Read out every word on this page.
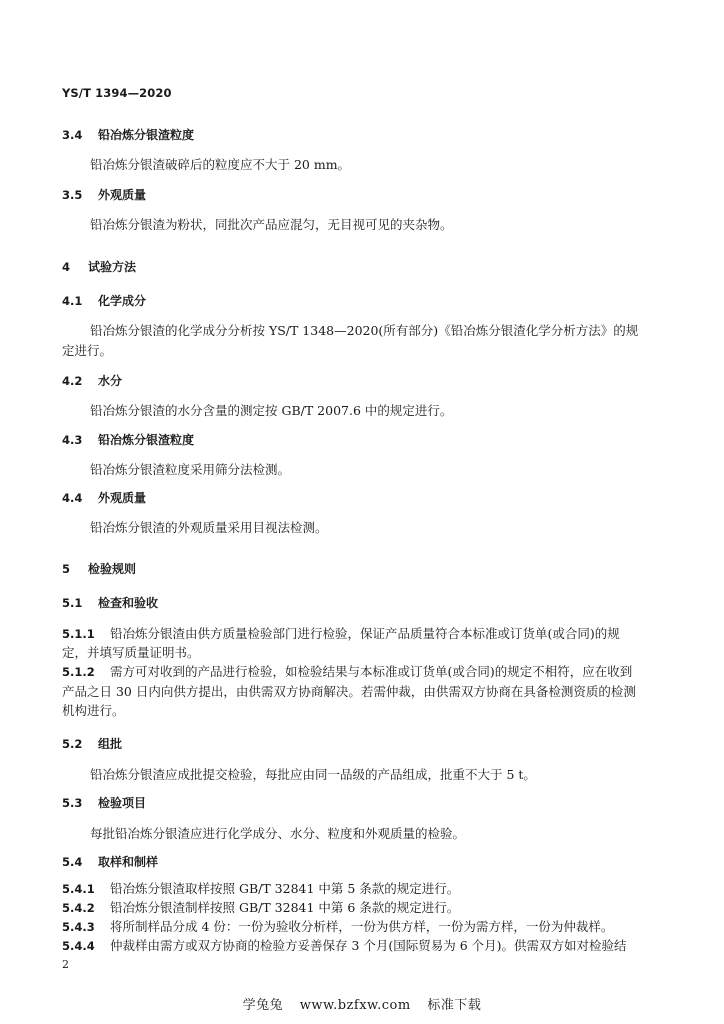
YS/T 1394—2020
3.4 铅冶炼分银渣粒度
铅冶炼分银渣破碎后的粒度应不大于 20 mm。
3.5 外观质量
铅冶炼分银渣为粉状，同批次产品应混匀，无目视可见的夹杂物。
4 试验方法
4.1 化学成分
铅冶炼分银渣的化学成分分析按 YS/T 1348—2020(所有部分)《铅冶炼分银渣化学分析方法》的规
定进行。
4.2 水分
铅冶炼分银渣的水分含量的测定按 GB/T 2007.6 中的规定进行。
4.3 铅冶炼分银渣粒度
铅冶炼分银渣粒度采用筛分法检测。
4.4 外观质量
铅冶炼分银渣的外观质量采用目视法检测。
5 检验规则
5.1 检查和验收
5.1.1 铅冶炼分银渣由供方质量检验部门进行检验，保证产品质量符合本标准或订货单(或合同)的规
定，并填写质量证明书。
5.1.2 需方可对收到的产品进行检验，如检验结果与本标准或订货单(或合同)的规定不相符，应在收到
产品之日 30 日内向供方提出，由供需双方协商解决。若需仲裁，由供需双方协商在具备检测资质的检测
机构进行。
5.2 组批
铅冶炼分银渣应成批提交检验，每批应由同一品级的产品组成，批重不大于 5 t。
5.3 检验项目
每批铅冶炼分银渣应进行化学成分、水分、粒度和外观质量的检验。
5.4 取样和制样
5.4.1 铅冶炼分银渣取样按照 GB/T 32841 中第 5 条款的规定进行。
5.4.2 铅冶炼分银渣制样按照 GB/T 32841 中第 6 条款的规定进行。
5.4.3 将所制样品分成 4 份：一份为验收分析样，一份为供方样，一份为需方样，一份为仲裁样。
5.4.4 仲裁样由需方或双方协商的检验方妥善保存 3 个月(国际贸易为 6 个月)。供需双方如对检验结
2
学兔兔 www.bzfxw.com 标准下载
